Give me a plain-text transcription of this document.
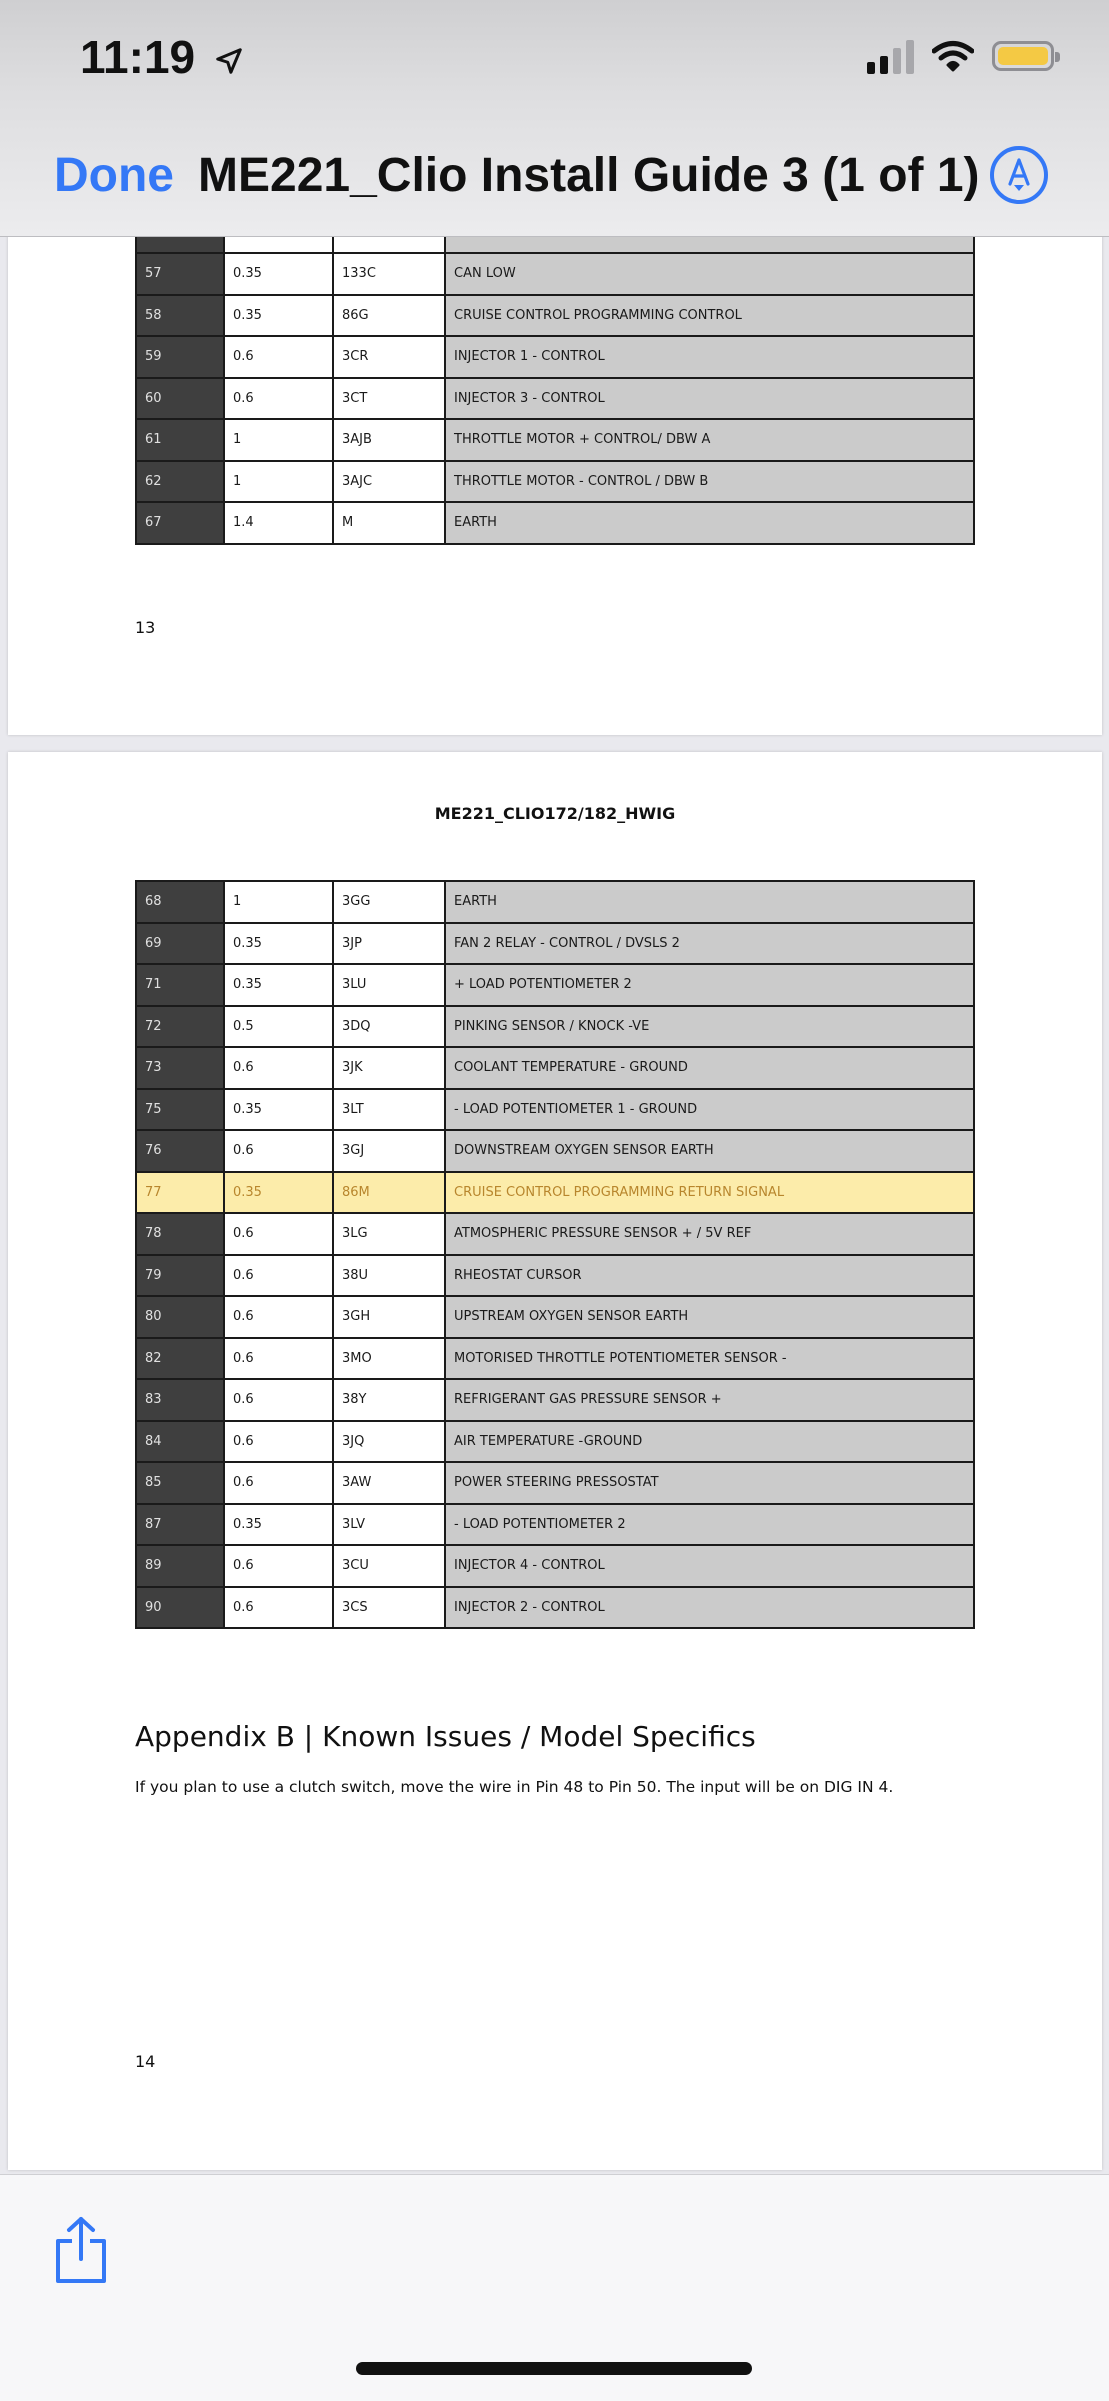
11:19
Done ME221_Clio Install Guide 3 (1 of 1)

57	0.35	133C	CAN LOW
58	0.35	86G	CRUISE CONTROL PROGRAMMING CONTROL
59	0.6	3CR	INJECTOR 1 - CONTROL
60	0.6	3CT	INJECTOR 3 - CONTROL
61	1	3AJB	THROTTLE MOTOR + CONTROL/ DBW A
62	1	3AJC	THROTTLE MOTOR - CONTROL / DBW B
67	1.4	M	EARTH
13
ME221_CLIO172/182_HWIG
68	1	3GG	EARTH
69	0.35	3JP	FAN 2 RELAY - CONTROL / DVSLS 2
71	0.35	3LU	+ LOAD POTENTIOMETER 2
72	0.5	3DQ	PINKING SENSOR / KNOCK -VE
73	0.6	3JK	COOLANT TEMPERATURE - GROUND
75	0.35	3LT	- LOAD POTENTIOMETER 1 - GROUND
76	0.6	3GJ	DOWNSTREAM OXYGEN SENSOR EARTH
77	0.35	86M	CRUISE CONTROL PROGRAMMING RETURN SIGNAL
78	0.6	3LG	ATMOSPHERIC PRESSURE SENSOR + / 5V REF
79	0.6	38U	RHEOSTAT CURSOR
80	0.6	3GH	UPSTREAM OXYGEN SENSOR EARTH
82	0.6	3MO	MOTORISED THROTTLE POTENTIOMETER SENSOR -
83	0.6	38Y	REFRIGERANT GAS PRESSURE SENSOR +
84	0.6	3JQ	AIR TEMPERATURE -GROUND
85	0.6	3AW	POWER STEERING PRESSOSTAT
87	0.35	3LV	- LOAD POTENTIOMETER 2
89	0.6	3CU	INJECTOR 4 - CONTROL
90	0.6	3CS	INJECTOR 2 - CONTROL
Appendix B | Known Issues / Model Specifics
If you plan to use a clutch switch, move the wire in Pin 48 to Pin 50. The input will be on DIG IN 4.
14
